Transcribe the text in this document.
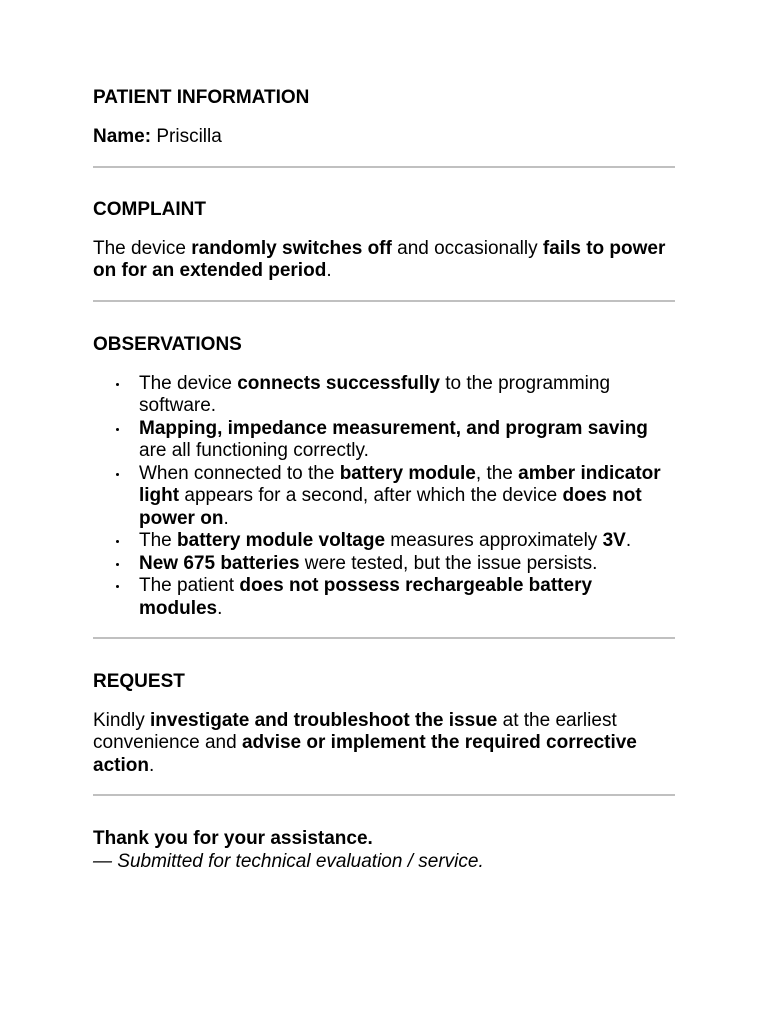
PATIENT INFORMATION

Name: Priscilla

COMPLAINT

The device randomly switches off and occasionally fails to power on for an extended period.

OBSERVATIONS

The device connects successfully to the programming software.
Mapping, impedance measurement, and program saving are all functioning correctly.
When connected to the battery module, the amber indicator light appears for a second, after which the device does not power on.
The battery module voltage measures approximately 3V.
New 675 batteries were tested, but the issue persists.
The patient does not possess rechargeable battery modules.

REQUEST

Kindly investigate and troubleshoot the issue at the earliest convenience and advise or implement the required corrective action.

Thank you for your assistance.

— Submitted for technical evaluation / service.
